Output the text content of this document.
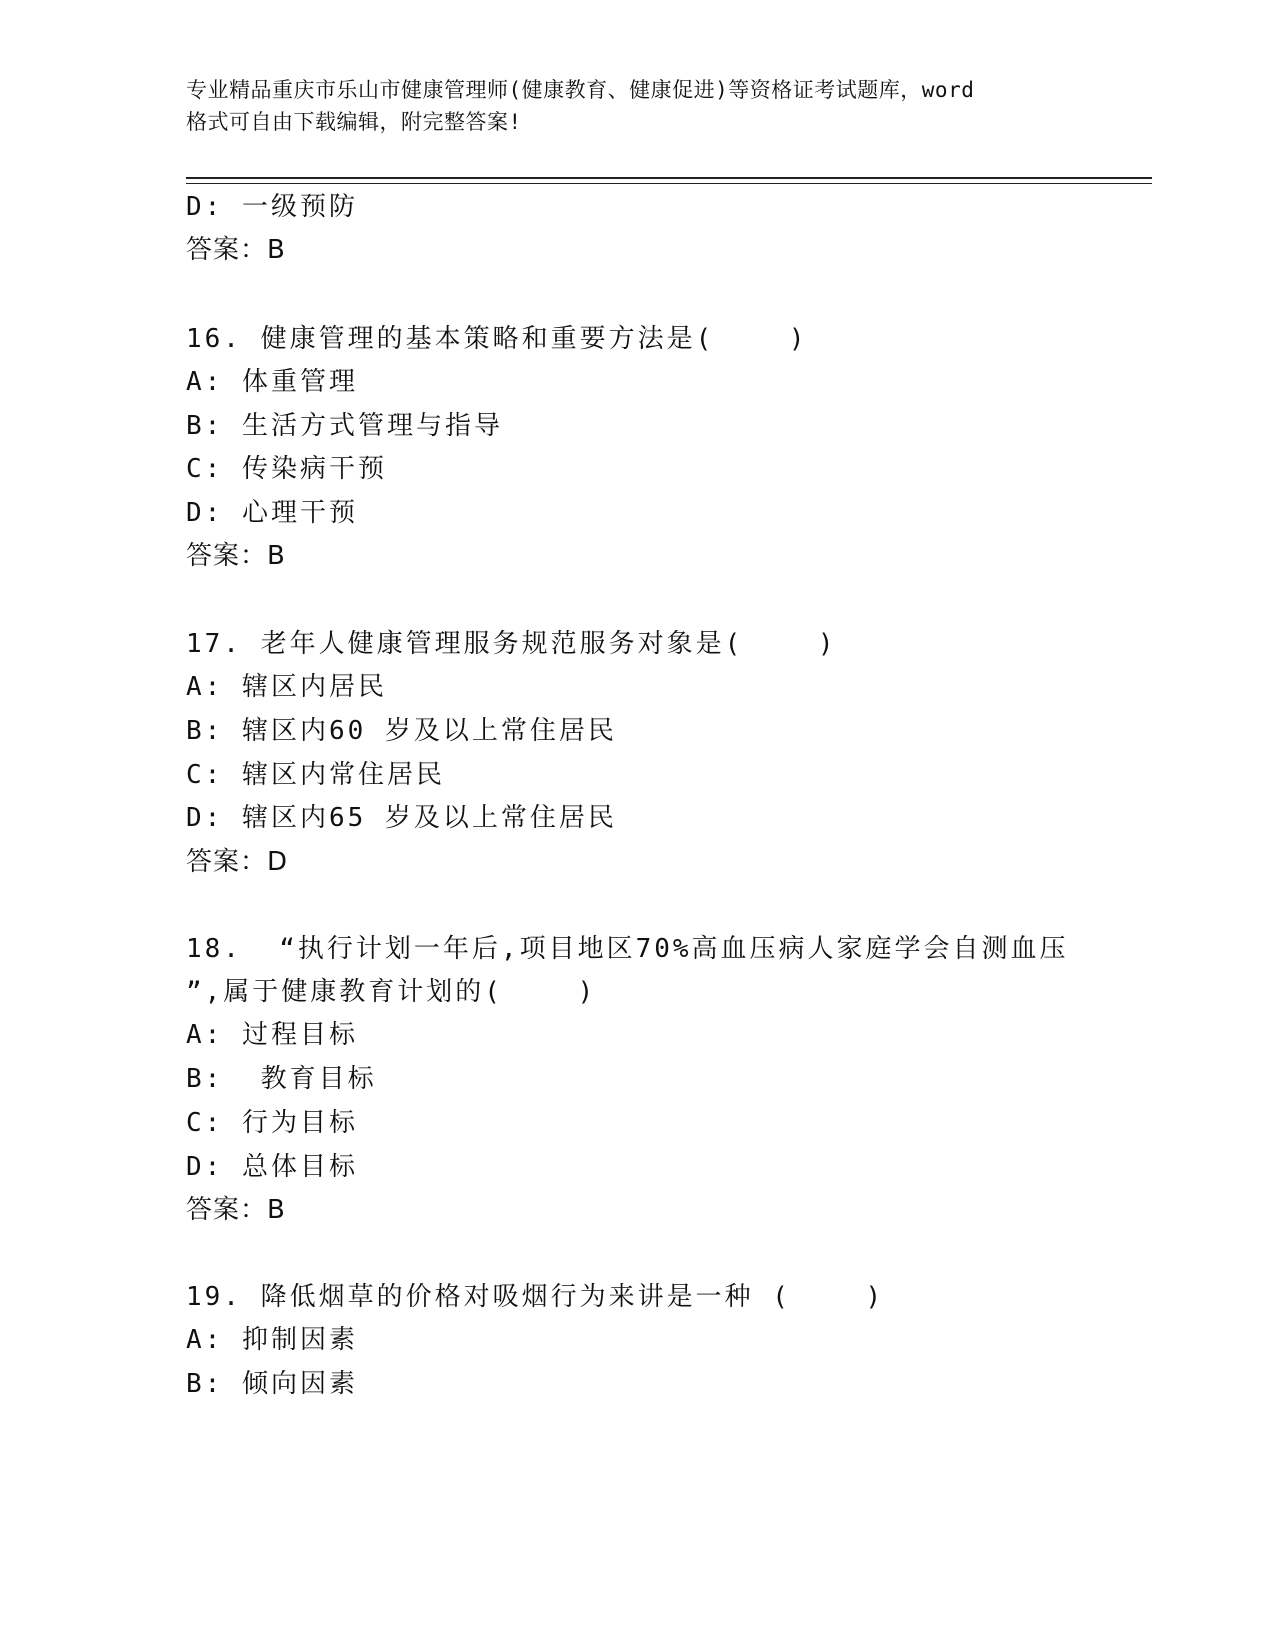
专业精品重庆市乐山市健康管理师(健康教育、健康促进)等资格证考试题库，word
格式可自由下载编辑，附完整答案!
D: 一级预防
答案：B
16. 健康管理的基本策略和重要方法是(    )
A: 体重管理
B: 生活方式管理与指导
C: 传染病干预
D: 心理干预
答案：B
17. 老年人健康管理服务规范服务对象是(    )
A: 辖区内居民
B: 辖区内60 岁及以上常住居民
C: 辖区内常住居民
D: 辖区内65 岁及以上常住居民
答案：D
18.  “执行计划一年后,项目地区70%高血压病人家庭学会自测血压
”,属于健康教育计划的(    )
A: 过程目标
B:  教育目标
C: 行为目标
D: 总体目标
答案：B
19. 降低烟草的价格对吸烟行为来讲是一种 (    )
A: 抑制因素
B: 倾向因素
